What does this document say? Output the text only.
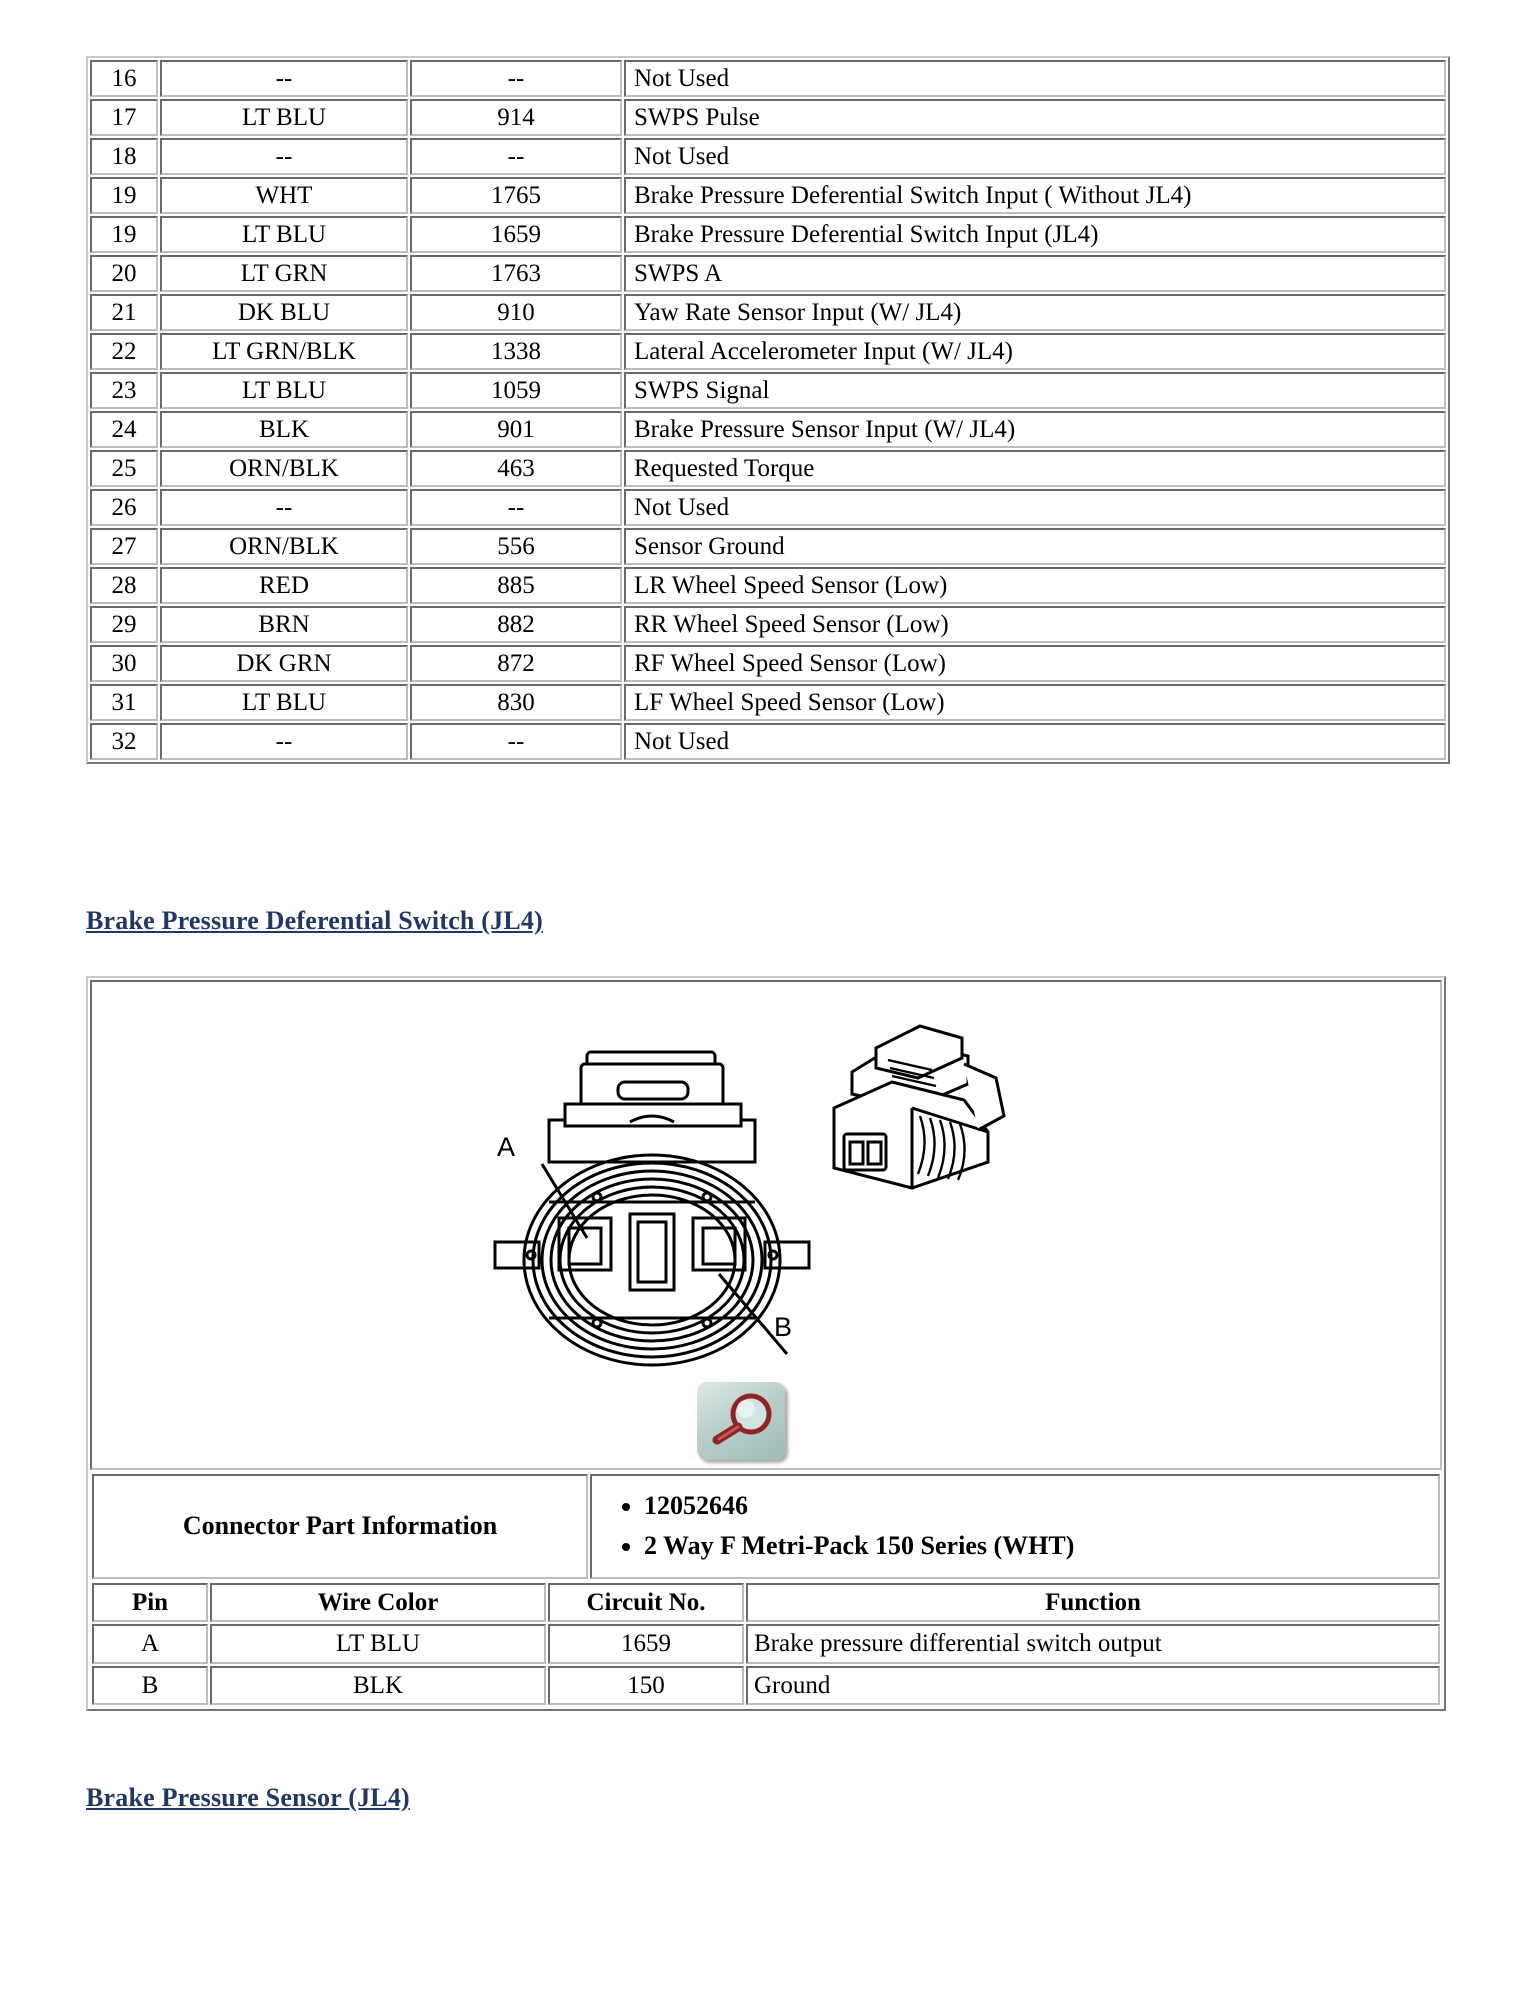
16	--	--	Not Used
17	LT BLU	914	SWPS Pulse
18	--	--	Not Used
19	WHT	1765	Brake Pressure Deferential Switch Input ( Without JL4)
19	LT BLU	1659	Brake Pressure Deferential Switch Input (JL4)
20	LT GRN	1763	SWPS A
21	DK BLU	910	Yaw Rate Sensor Input (W/ JL4)
22	LT GRN/BLK	1338	Lateral Accelerometer Input (W/ JL4)
23	LT BLU	1059	SWPS Signal
24	BLK	901	Brake Pressure Sensor Input (W/ JL4)
25	ORN/BLK	463	Requested Torque
26	--	--	Not Used
27	ORN/BLK	556	Sensor Ground
28	RED	885	LR Wheel Speed Sensor (Low)
29	BRN	882	RR Wheel Speed Sensor (Low)
30	DK GRN	872	RF Wheel Speed Sensor (Low)
31	LT BLU	830	LF Wheel Speed Sensor (Low)
32	--	--	Not Used
Brake Pressure Deferential Switch (JL4)
A
B
Connector Part Information	
• 12052646
• 2 Way F Metri-Pack 150 Series (WHT)
Pin	Wire Color	Circuit No.	Function
A	LT BLU	1659	Brake pressure differential switch output
B	BLK	150	Ground
Brake Pressure Sensor (JL4)
